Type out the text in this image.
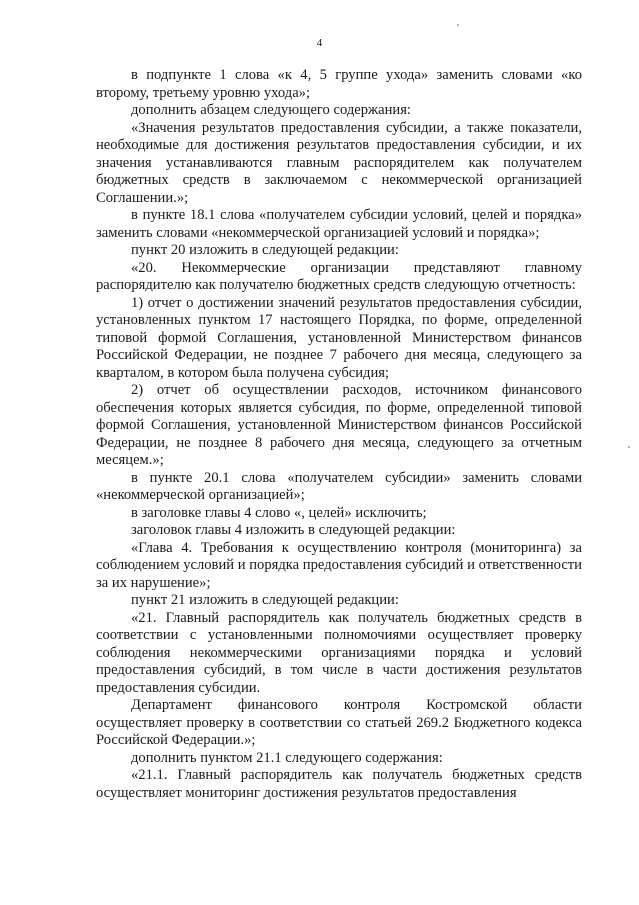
4

в подпункте 1 слова «к 4, 5 группе ухода» заменить словами «ко второму, третьему уровню ухода»;

дополнить абзацем следующего содержания:

«Значения результатов предоставления субсидии, а также показатели, необходимые для достижения результатов предоставления субсидии, и их значения устанавливаются главным распорядителем как получателем бюджетных средств в заключаемом с некоммерческой организацией Соглашении.»;

в пункте 18.1 слова «получателем субсидии условий, целей и порядка» заменить словами «некоммерческой организацией условий и порядка»;

пункт 20 изложить в следующей редакции:

«20. Некоммерческие организации представляют главному распорядителю как получателю бюджетных средств следующую отчетность:

1) отчет о достижении значений результатов предоставления субсидии, установленных пунктом 17 настоящего Порядка, по форме, определенной типовой формой Соглашения, установленной Министерством финансов Российской Федерации, не позднее 7 рабочего дня месяца, следующего за кварталом, в котором была получена субсидия;

2) отчет об осуществлении расходов, источником финансового обеспечения которых является субсидия, по форме, определенной типовой формой Соглашения, установленной Министерством финансов Российской Федерации, не позднее 8 рабочего дня месяца, следующего за отчетным месяцем.»;

в пункте 20.1 слова «получателем субсидии» заменить словами «некоммерческой организацией»;

в заголовке главы 4 слово «, целей» исключить;

заголовок главы 4 изложить в следующей редакции:

«Глава 4. Требования к осуществлению контроля (мониторинга) за соблюдением условий и порядка предоставления субсидий и ответственности за их нарушение»;

пункт 21 изложить в следующей редакции:

«21. Главный распорядитель как получатель бюджетных средств в соответствии с установленными полномочиями осуществляет проверку соблюдения некоммерческими организациями порядка и условий предоставления субсидий, в том числе в части достижения результатов предоставления субсидии.

Департамент финансового контроля Костромской области осуществляет проверку в соответствии со статьей 269.2 Бюджетного кодекса Российской Федерации.»;

дополнить пунктом 21.1 следующего содержания:

«21.1. Главный распорядитель как получатель бюджетных средств осуществляет мониторинг достижения результатов предоставления
